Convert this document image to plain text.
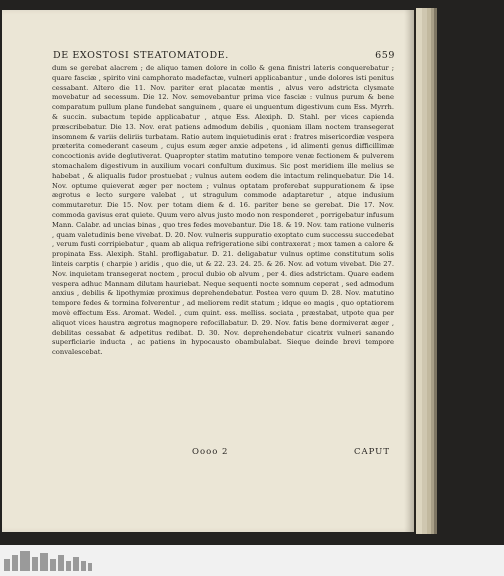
DE EXOSTOSI STEATOMATODE.	659

dum se gerebat alacrem ; de aliquo tamen dolore in collo & gena finistri lateris conquerebatur ; quare fasciæ , spirito vini camphorato madefactæ, vulneri applicabantur , unde dolores isti penitus cessabant. Altero die 11. Nov. pariter erat placatæ mentis , alvus vero adstricta clysmate movebatur ad secessum. Die 12. Nov. semovebantur prima vice fasciæ : vulnus purum & bene comparatum pullum plane fundebat sanguinem , quare ei unguentum digestivum cum Ess. Myrrh. & succin. subactum tepide applicabatur , atque Ess. Alexiph. D. Stahl. per vices capienda præscribebatur. Die 13. Nov. erat patiens admodum debilis , quoniam illam noctem transegerat insomnem & variis deliriis turbatam. Ratio autem inquietudinis erat : fratres misericordiæ vespera præterita comederant caseum , cujus esum æger anxie adpetens , id alimenti genus difficillimæ concoctionis avide deglutiverat. Quapropter statim matutino tempore venæ fectionem & pulverem stomachalem digestivum in auxilium vocari confultum duximus. Sic post meridiem ille melius se habebat , & aliqualis fudor prostuebat ; vulnus autem eodem die intactum relinquebatur. Die 14. Nov. optume quieverat æger per noctem ; vulnus optatam proferebat suppurationem & ipse ægrotus e lecto surgere valebat , ut stragulum commode adaptaretur , atque indusium commutaretur. Die 15. Nov. per totam diem & d. 16. pariter bene se gerebat. Die 17. Nov. commoda gavisus erat quiete. Quum vero alvus justo modo non responderet , porrigebatur infusum Mann. Calabr. ad uncias binas , quo tres fedes movebantur. Die 18. & 19. Nov. tam ratione vulneris , quam valetudinis bene vivebat. D. 20. Nov. vulneris suppuratio exoptato cum successu succedebat , verum fusti corripiebatur , quam ab aliqua refrigeratione sibi contraxerat ; mox tamen a calore & propinata Ess. Alexiph. Stahl. profligabatur. D. 21. deligabatur vulnus optime constitutum solis linteis carptis ( charpie ) aridis , quo die, ut & 22. 23. 24. 25. & 26. Nov. ad votum vivebat. Die 27. Nov. inquietam transegerat noctem , procul dubio ob alvum , per 4. dies adstrictam. Quare eadem vespera adhuc Mannam dilutam hauriebat. Neque sequenti nocte somnum ceperat , sed admodum anxius , debilis & lipothymiæ proximus deprehendebatur. Postea vero quum D. 28. Nov. matutino tempore fedes & tormina folverentur , ad meliorem redit statum ; idque eo magis , quo optatiorem movè effectum Ess. Aromat. Wedel. , cum quint. ess. melliss. sociata , præstabat, utpote qua per aliquot vices haustra ægrotus magnopere refocillabatur. D. 29. Nov. fatis bene dormiverat æger , debilitas cessabat & adpetitus redibat. D. 30. Nov. deprehendebatur cicatrix vulneri sanando superficiarie inducta , ac patiens in hypocausto obambulabat. Sieque deinde brevi tempore convalescebat.

Oooo 2	CAPUT
